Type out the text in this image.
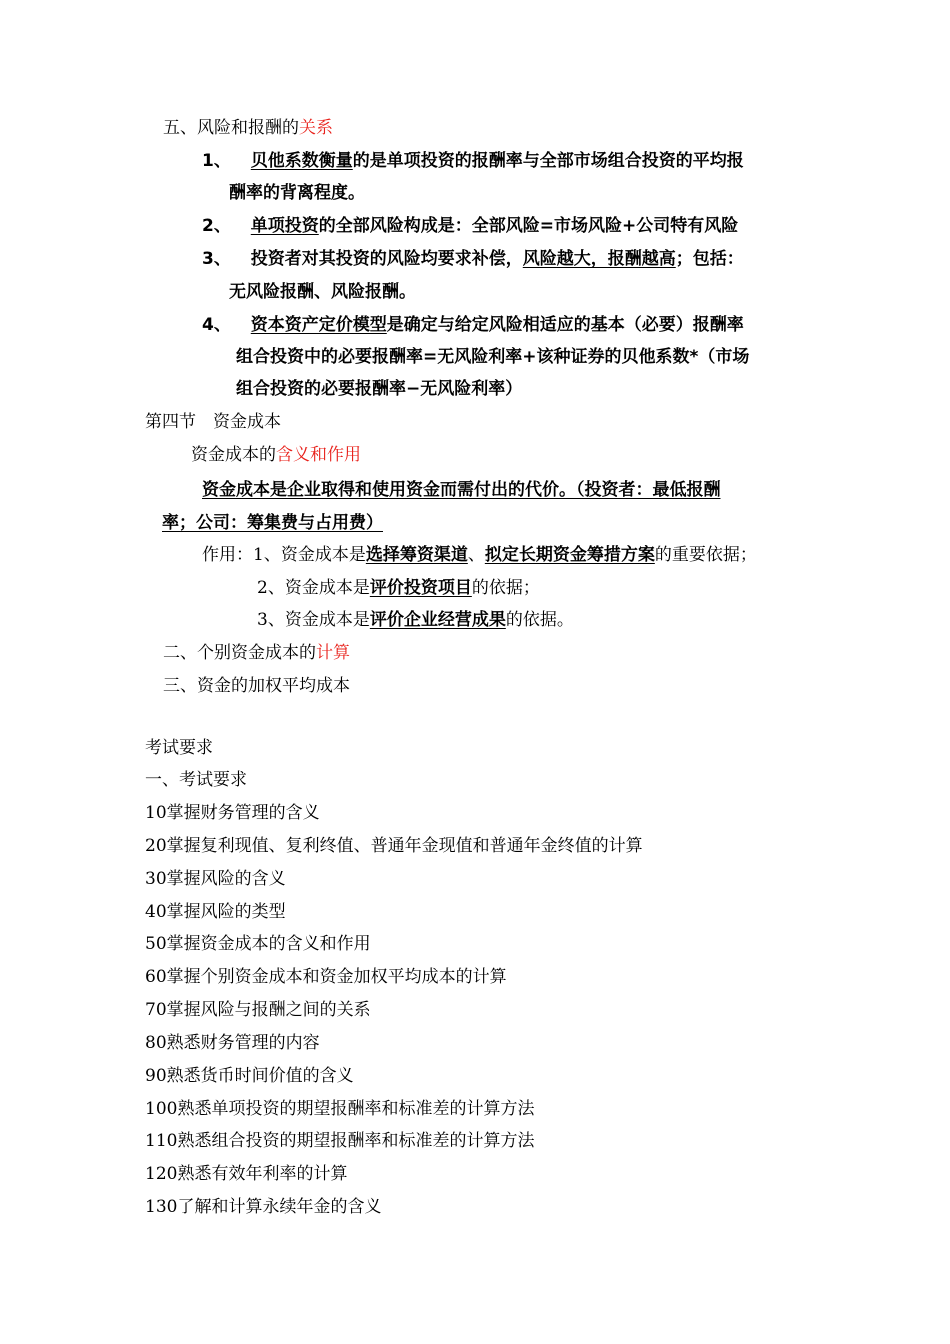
五、风险和报酬的关系
1、 贝他系数衡量的是单项投资的报酬率与全部市场组合投资的平均报
酬率的背离程度。
2、 单项投资的全部风险构成是：全部风险=市场风险+公司特有风险
3、 投资者对其投资的风险均要求补偿，风险越大，报酬越高；包括：
无风险报酬、风险报酬。
4、 资本资产定价模型是确定与给定风险相适应的基本（必要）报酬率
组合投资中的必要报酬率=无风险利率+该种证券的贝他系数*（市场
组合投资的必要报酬率−无风险利率）
第四节　资金成本
资金成本的含义和作用
资金成本是企业取得和使用资金而需付出的代价。（投资者：最低报酬
率；公司：筹集费与占用费）
作用：1、资金成本是选择筹资渠道、拟定长期资金筹措方案的重要依据；
2、资金成本是评价投资项目的依据；
3、资金成本是评价企业经营成果的依据。
二、个别资金成本的计算
三、资金的加权平均成本
考试要求
一、考试要求
10掌握财务管理的含义
20掌握复利现值、复利终值、普通年金现值和普通年金终值的计算
30掌握风险的含义
40掌握风险的类型
50掌握资金成本的含义和作用
60掌握个别资金成本和资金加权平均成本的计算
70掌握风险与报酬之间的关系
80熟悉财务管理的内容
90熟悉货币时间价值的含义
100熟悉单项投资的期望报酬率和标准差的计算方法
110熟悉组合投资的期望报酬率和标准差的计算方法
120熟悉有效年利率的计算
130了解和计算永续年金的含义
